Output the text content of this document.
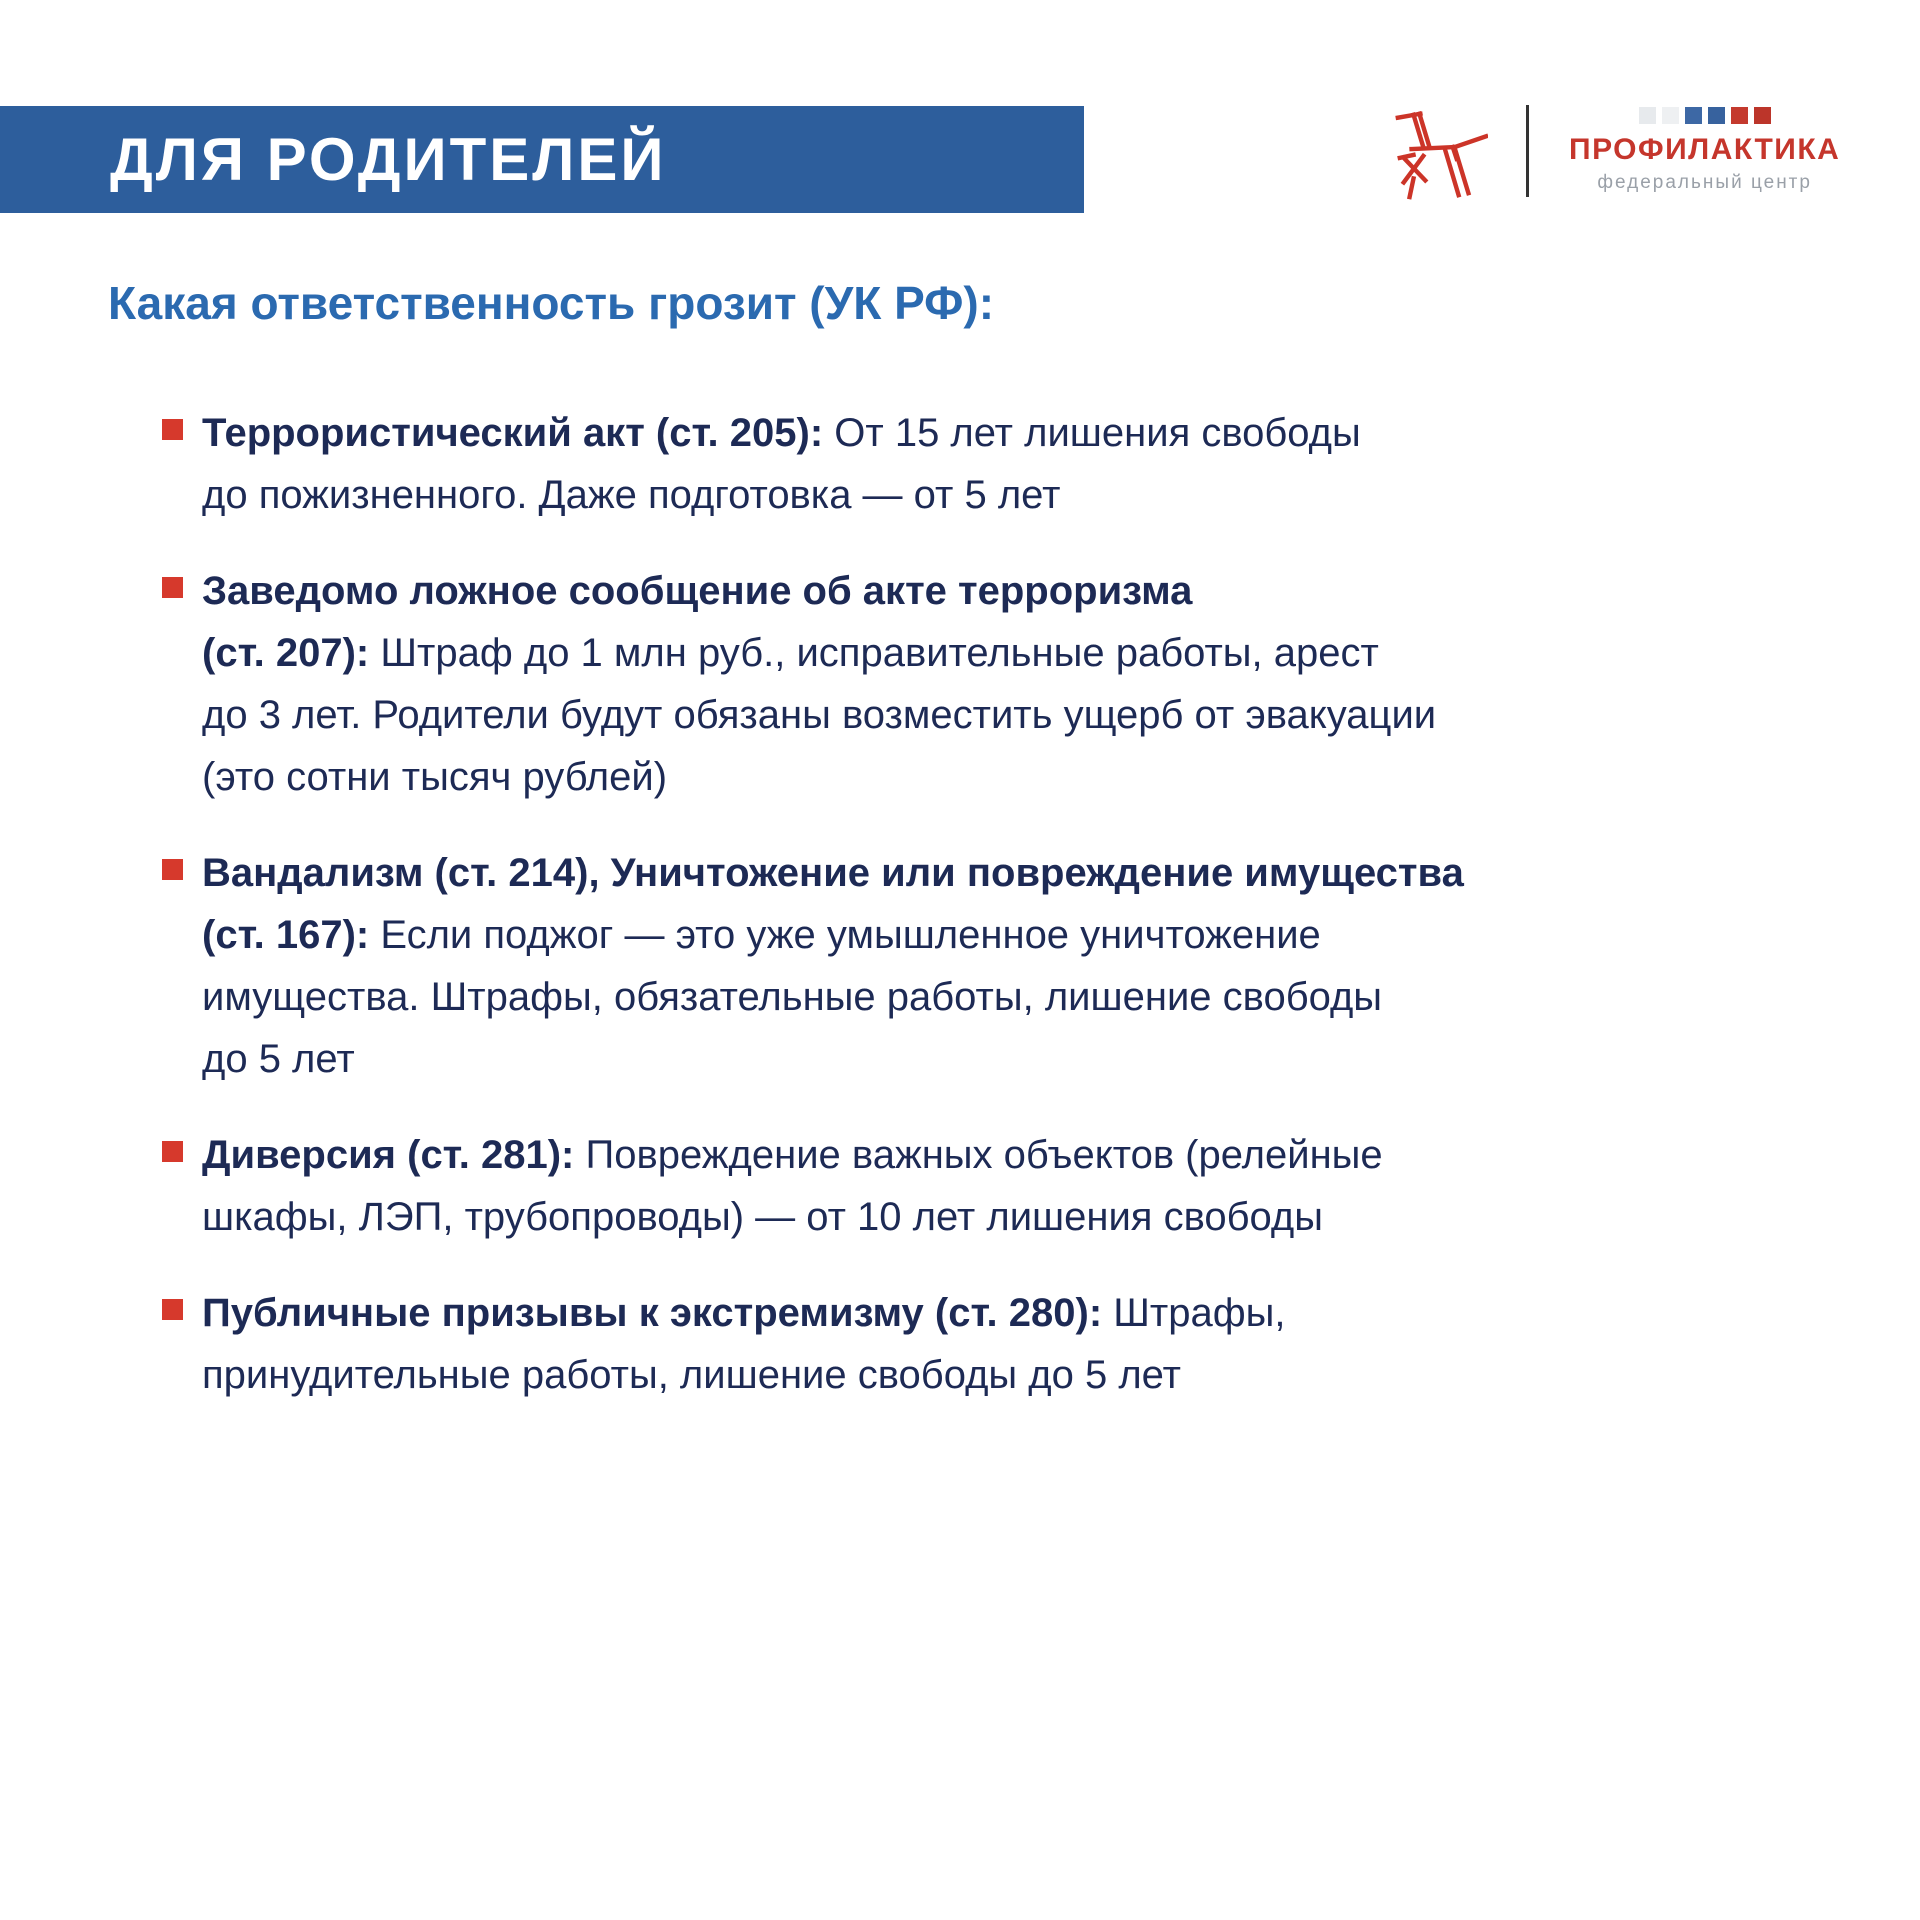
ДЛЯ РОДИТЕЛЕЙ	ПРОФИЛАКТИКА
федеральный центр
Какая ответственность грозит (УК РФ):
Террористический акт (ст. 205): От 15 лет лишения свободы
до пожизненного. Даже подготовка — от 5 лет
Заведомо ложное сообщение об акте терроризма
(ст. 207): Штраф до 1 млн руб., исправительные работы, арест
до 3 лет. Родители будут обязаны возместить ущерб от эвакуации
(это сотни тысяч рублей)
Вандализм (ст. 214), Уничтожение или повреждение имущества
(ст. 167): Если поджог — это уже умышленное уничтожение
имущества. Штрафы, обязательные работы, лишение свободы
до 5 лет
Диверсия (ст. 281): Повреждение важных объектов (релейные
шкафы, ЛЭП, трубопроводы) — от 10 лет лишения свободы
Публичные призывы к экстремизму (ст. 280): Штрафы,
принудительные работы, лишение свободы до 5 лет
